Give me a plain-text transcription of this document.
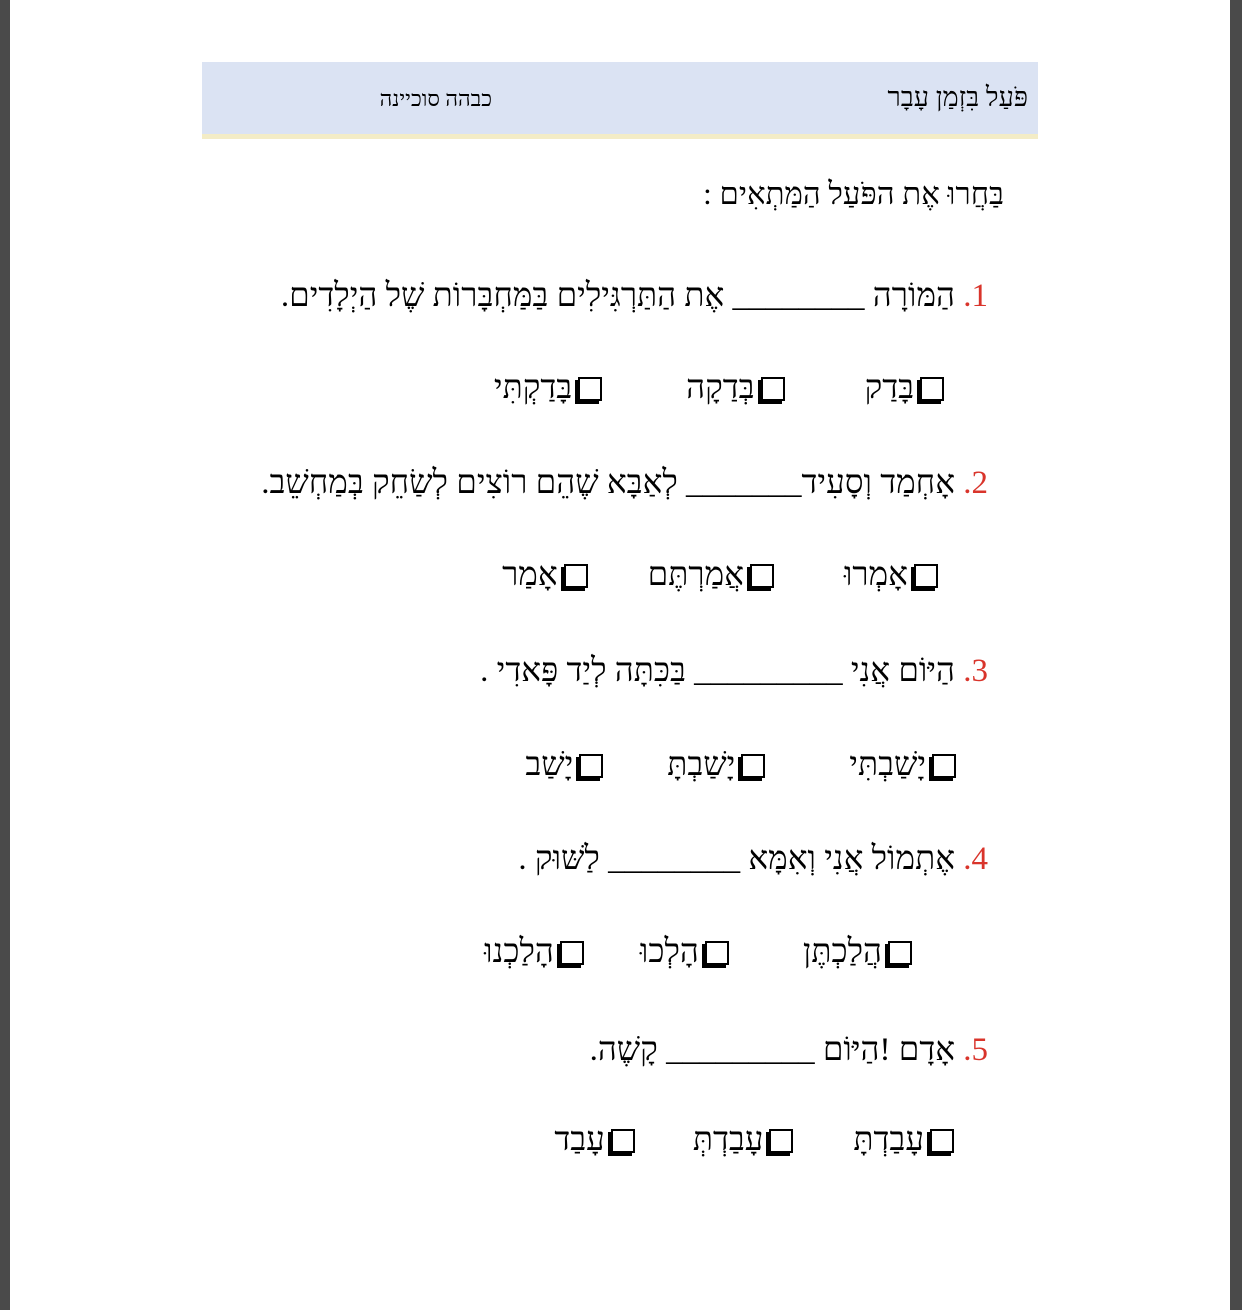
פֹּעַל בִּזְמַן עָבָר
כבהה סוכיינה
בַּחֲרוּ אֶת הפֹּעַל הַמַּתְאִים :
1. הַמּוֹרָה ________ אֶת הַתַּרְגִּילִים בַּמַּחְבָּרוֹת שֶׁל הַיְלָדִים.
בָּדַק
בְּדַקָה
בָּדַקְתִּי
2. אָחְמַד וְסָעִיד_______ לְאַבָּא שֶׁהֵם רוֹצִים לְשַׂחֵק בְּמַחְשֵׁב.
אָמְרוּ
אֲמַרְתֶּם
אָמַר
3. הַיּוֹם אֲנִי _________ בַּכִּתָּה לְיַד פָּאדִי .
יָשַׁבְתִּי
יָשַׁבְתָּ
יָשַׁב
4. אֶתְמוֹל אֲנִי וְאִמָּא ________ לַשּׁוּק .
הֲלַכְתֶּן
הָלְכוּ
הָלַכְנוּ
5. אָדָם !הַיּוֹם _________ קָשֶׁה.
עָבַדְתָּ
עָבַדְתְּ
עָבַד
